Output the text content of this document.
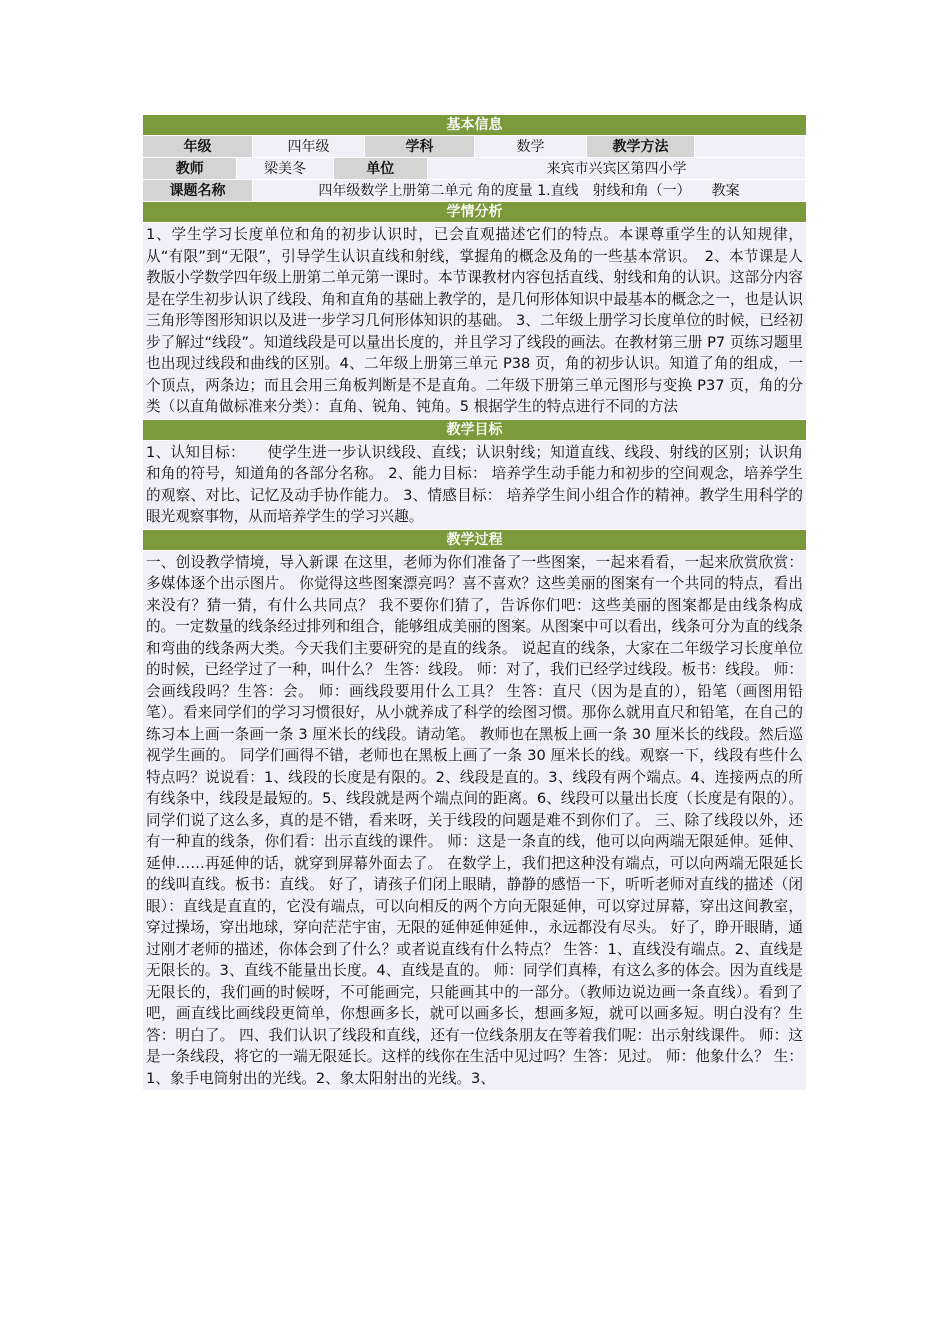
基本信息
年级	四年级	学科	数学	教学方法
教师	梁美冬	单位	来宾市兴宾区第四小学
课题名称	四年级数学上册第二单元 角的度量 1.直线　射线和角（一）　　教案
学情分析
1、学生学习长度单位和角的初步认识时，已会直观描述它们的特点。本课尊重学生的认知规律，从“有限”到“无限”，引导学生认识直线和射线，掌握角的概念及角的一些基本常识。　2、本节课是人教版小学数学四年级上册第二单元第一课时。本节课教材内容包括直线、射线和角的认识。这部分内容是在学生初步认识了线段、角和直角的基础上教学的，是几何形体知识中最基本的概念之一，也是认识三角形等图形知识以及进一步学习几何形体知识的基础。 3、二年级上册学习长度单位的时候，已经初步了解过“线段”。知道线段是可以量出长度的，并且学习了线段的画法。在教材第三册 P7 页练习题里也出现过线段和曲线的区别。4、二年级上册第三单元 P38 页，角的初步认识。知道了角的组成，一个顶点，两条边；而且会用三角板判断是不是直角。二年级下册第三单元图形与变换 P37 页，角的分类（以直角做标准来分类）：直角、锐角、钝角。5 根据学生的特点进行不同的方法
教学目标
1、认知目标：　　使学生进一步认识线段、直线；认识射线；知道直线、线段、射线的区别；认识角和角的符号，知道角的各部分名称。 2、能力目标： 培养学生动手能力和初步的空间观念，培养学生的观察、对比、记忆及动手协作能力。 3、情感目标： 培养学生间小组合作的精神。教学生用科学的眼光观察事物，从而培养学生的学习兴趣。
教学过程
一、创设教学情境，导入新课 在这里，老师为你们准备了一些图案，一起来看看，一起来欣赏欣赏：多媒体逐个出示图片。 你觉得这些图案漂亮吗？喜不喜欢？这些美丽的图案有一个共同的特点，看出来没有？猜一猜，有什么共同点？ 我不要你们猜了，告诉你们吧：这些美丽的图案都是由线条构成的。一定数量的线条经过排列和组合，能够组成美丽的图案。从图案中可以看出，线条可分为直的线条和弯曲的线条两大类。今天我们主要研究的是直的线条。 说起直的线条，大家在二年级学习长度单位的时候，已经学过了一种，叫什么？ 生答：线段。 师：对了，我们已经学过线段。板书：线段。 师：会画线段吗？生答：会。 师：画线段要用什么工具？ 生答：直尺（因为是直的），铅笔（画图用铅笔）。看来同学们的学习习惯很好，从小就养成了科学的绘图习惯。那你么就用直尺和铅笔，在自己的练习本上画一条画一条 3 厘米长的线段。请动笔。 教师也在黑板上画一条 30 厘米长的线段。然后巡视学生画的。 同学们画得不错，老师也在黑板上画了一条 30 厘米长的线。观察一下，线段有些什么特点吗？说说看：1、线段的长度是有限的。2、线段是直的。3、线段有两个端点。4、连接两点的所有线条中，线段是最短的。5、线段就是两个端点间的距离。6、线段可以量出长度（长度是有限的）。 同学们说了这么多，真的是不错，看来呀，关于线段的问题是难不到你们了。 三、除了线段以外，还有一种直的线条，你们看：出示直线的课件。 师：这是一条直的线，他可以向两端无限延伸。延伸、延伸……再延伸的话，就穿到屏幕外面去了。 在数学上，我们把这种没有端点，可以向两端无限延长的线叫直线。板书：直线。 好了，请孩子们闭上眼睛，静静的感悟一下，听听老师对直线的描述（闭眼）：直线是直直的，它没有端点，可以向相反的两个方向无限延伸，可以穿过屏幕，穿出这间教室，穿过操场，穿出地球，穿向茫茫宇宙，无限的延伸延伸延伸.，永远都没有尽头。 好了，睁开眼睛，通过刚才老师的描述，你体会到了什么？或者说直线有什么特点？ 生答：1、直线没有端点。2、直线是无限长的。3、直线不能量出长度。4、直线是直的。 师：同学们真棒，有这么多的体会。因为直线是无限长的，我们画的时候呀，不可能画完，只能画其中的一部分。（教师边说边画一条直线）。看到了吧，画直线比画线段更简单，你想画多长，就可以画多长，想画多短，就可以画多短。明白没有？生答：明白了。 四、我们认识了线段和直线，还有一位线条朋友在等着我们呢：出示射线课件。 师：这是一条线段，将它的一端无限延长。这样的线你在生活中见过吗？生答：见过。 师：他象什么？ 生：1、象手电筒射出的光线。2、象太阳射出的光线。3、
